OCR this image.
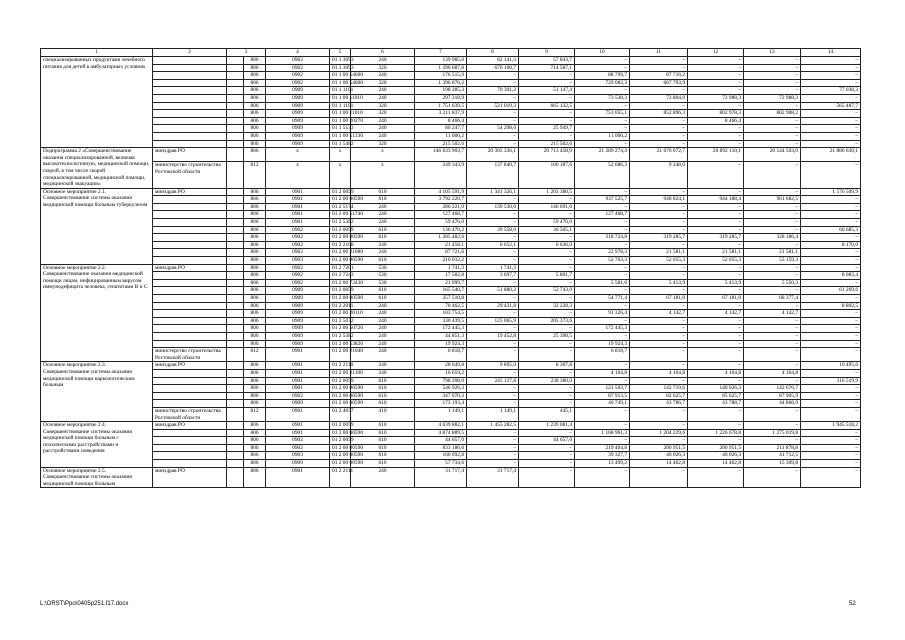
1	2	3		4	5	6	7	8	9	10	11	12	13	14
специализированных продуктами лечебного питания для детей в амбулаторных условиях			806	0902	01 1 3093	240	139 985,0	82 141,3	57 843,7	–	–	–	–	–
			806	0902	01 1 3093	320	1 390 687,8	676 100,7	714 587,1	–	–	–	–	–
			806	0902	01 1 00 54600	240	176 515,9	–	–	88 799,7	87 716,2	–	–	–
			806	0902	01 1 00 54600	320	1 396 876,2	–	–	729 082,3	667 793,9	–	–	–
			806	0909	01 1 1101	240	198 285,3	70 301,2	51 147,4	–	–	–	–	77 038,3
			806	0909	01 1 00 11010	240	297 318,9	–	–	73 538,3	72 804,0	72 988,3	72 988,3	–
			806	0909	01 1 1101	320	1 751 639,5	521 019,3	665 132,5	–	–	–	–	565 487,7
			806	0909	01 1 00 11010	320	3 211 837,9	–	–	753 055,1	852 896,3	802 978,3	802 908,2	–
			806	0909	01 1 00 20270	240	8 466,4	–	–	–	–	8 466,4	–	–
			806	0909	01 1 5133	240	80 247,7	54 298,0	25 949,7	–	–	–	–	–
			806	0909	01 1 00 51330	240	11 000,2	–	–	11 000,2	–	–	–	–
			806	0909	01 1 5482	320	215 502,6	–	215 502,6	–	–	–	–	–
Подпрограмма 2 «Совершенствование оказания специализированной, включая высокотехнологичную, медицинской помощи, скорой, в том числе скорой специализированной, медицинской помощи, медицинской эвакуации»	минздрав РО		806	x	x	x	146 633 903,7	20 305 336,1	20 713 458,9	21 289 274,4	21 676 072,7	20 892 110,1	20 544 503,0	21 886 630,1
	министерство строительства Ростовской области		812	x	x	x	249 343,9	137 840,7	100 187,6	52 686,3	9 248,0	–	–	–
Основное мероприятие 2.1. Совершенствование системы оказания медицинской помощи больным туберкулезом	минздрав РО		806	0901	01 2 0059	610	4 105 591,9	1 341 326,1	1 203 380,5	–	–	–	–	1 576 509,9
			806	0901	01 2 00 00590	610	3 792 220,7	–	–	937 525,7	948 824,1	944 188,4	961 682,5	–
			806	0901	01 2 5174	240	286 221,0	139 530,0	146 691,0	–	–	–	–	–
			806	0901	01 2 00 51740	240	127 468,7	–	–	127 468,7	–	–	–	–
			806	0901	01 2 5382	240	59 476,0	–	59 476,0	–	–	–	–	–
			806	0902	01 2 0059	610	136 470,2	39 558,0	36 505,1	–	–	–	–	60 685,3
			806	0902	01 2 00 00590	610	1 285 482,6	–	–	318 724,8	319 285,7	319 285,7	328 186,4	–
			806	0902	01 2 2108	240	21 458,1	6 652,1	6 636,0	–	–	–	–	8 170,0
			806	0902	01 2 00 21080	240	87 721,6	–	–	22 978,3	21 581,1	21 581,1	21 581,1	–
			806	0903	01 2 00 00590	610	210 032,2	–	–	52 763,3	52 055,3	52 055,3	53 159,3	–
Основное мероприятие 2.2. Совершенствование оказания медицинской помощи лицам, инфицированным вирусом иммунодефицита человека, гепатитами В и С	минздрав РО		806	0902	01 2 7201	530	1 741,3	1 741,3	–	–	–	–	–	–
			806	0902	01 2 7243	530	17 582,8	3 697,7	5 801,7	–	–	–	–	8 083,4
			806	0902	01 2 00 72430	530	21 999,7	–	–	5 581,6	5 413,9	5 413,9	5 550,3	–
			806	0909	01 2 0059	610	165 540,7	51 880,2	52 743,0	–	–	–	–	61 269,6
			806	0909	01 2 00 00590	610	257 510,8	–	–	54 771,4	67 181,0	67 181,0	68 377,4	–
			806	0909	01 2 2011	240	70 462,5	29 431,8	32 228,3	–	–	–	–	8 802,5
			806	0909	01 2 00 20110	240	103 754,5	–	–	91 326,4	4 142,7	4 142,7	4 142,7	–
			806	0909	01 2 5072	240	330 439,5	125 065,9	205 373,6	–	–	–	–	–
			806	0909	01 2 00 50720	240	172 445,3	–	–	172 445,3	–	–	–	–
			806	0909	01 2 5382	240	44 851,3	19 452,8	25 398,5	–	–	–	–	–
			806	0909	01 2 00 53820	240	19 924,3	–	–	19 924,3	–	–	–	–
	министерство строительства Ростовской области		812	0901	01 2 00 21040	240	6 818,7	–	–	6 818,7	–	–	–	–
Основное мероприятие 2.3. Совершенствование системы оказания медицинской помощи наркологическим больным	минздрав РО		806	0901	01 2 2110	240	28 649,8	9 895,0	8 307,8	–	–	–	–	10 495,6
			806	0901	01 2 00 21100	240	16 659,2	–	–	4 164,8	4 164,8	4 164,8	4 164,8	–
			806	0901	01 2 0059	610	798 208,0	245 127,8	238 380,0	–	–	–	–	316 519,9
			806	0901	01 2 00 00590	610	546 926,3	–	–	121 503,7	142 719,6	140 026,3	142 676,7	–
			806	0902	01 2 00 00590	610	347 070,3	–	–	87 913,5	82 625,7	85 625,7	87 905,9	–
			806	0909	01 2 00 00590	610	173 193,4	–	–	40 749,1	43 786,7	43 788,7	44 866,9	–
	министерство строительства Ростовской области		812	0901	01 2 4037	410	1 149,1	1 149,1	445,1	–	–	–	–	–
Основное мероприятие 2.4. Совершенствование системы оказания медицинской помощи больным с психическими расстройствами и расстройствами поведения	минздрав РО		806	0901	01 2 0059	610	4 639 882,1	1 455 282,5	1 239 081,4	–	–	–	–	1 945 518,2
			806	0901	01 2 00 00590	610	4 874 889,5	–	–	1 168 961,3	1 204 229,6	1 226 678,8	1 275 019,8	–
			806	0902	01 2 0059	610	44 657,0	–	44 657,0	–	–	–	–	–
			806	0902	01 2 00 00590	610	833 186,6	–	–	219 404,8	200 951,5	200 951,5	211 878,8	–
			806	0903	01 2 00 00590	610	160 092,8	–	–	39 327,7	40 026,3	40 026,3	41 712,5	–
			806	0909	01 2 00 00590	610	57 734,6	–	–	13 499,2	14 462,8	14 462,8	15 309,8	–
Основное мероприятие 2.5. Совершенствование системы оказания медицинской помощи больным	минздрав РО		806	0901	01 2 2111	240	31 717,4	31 717,4	–	–	–	–	–	–
L:\ORST\Ppo\0405p251.f17.docx	52
